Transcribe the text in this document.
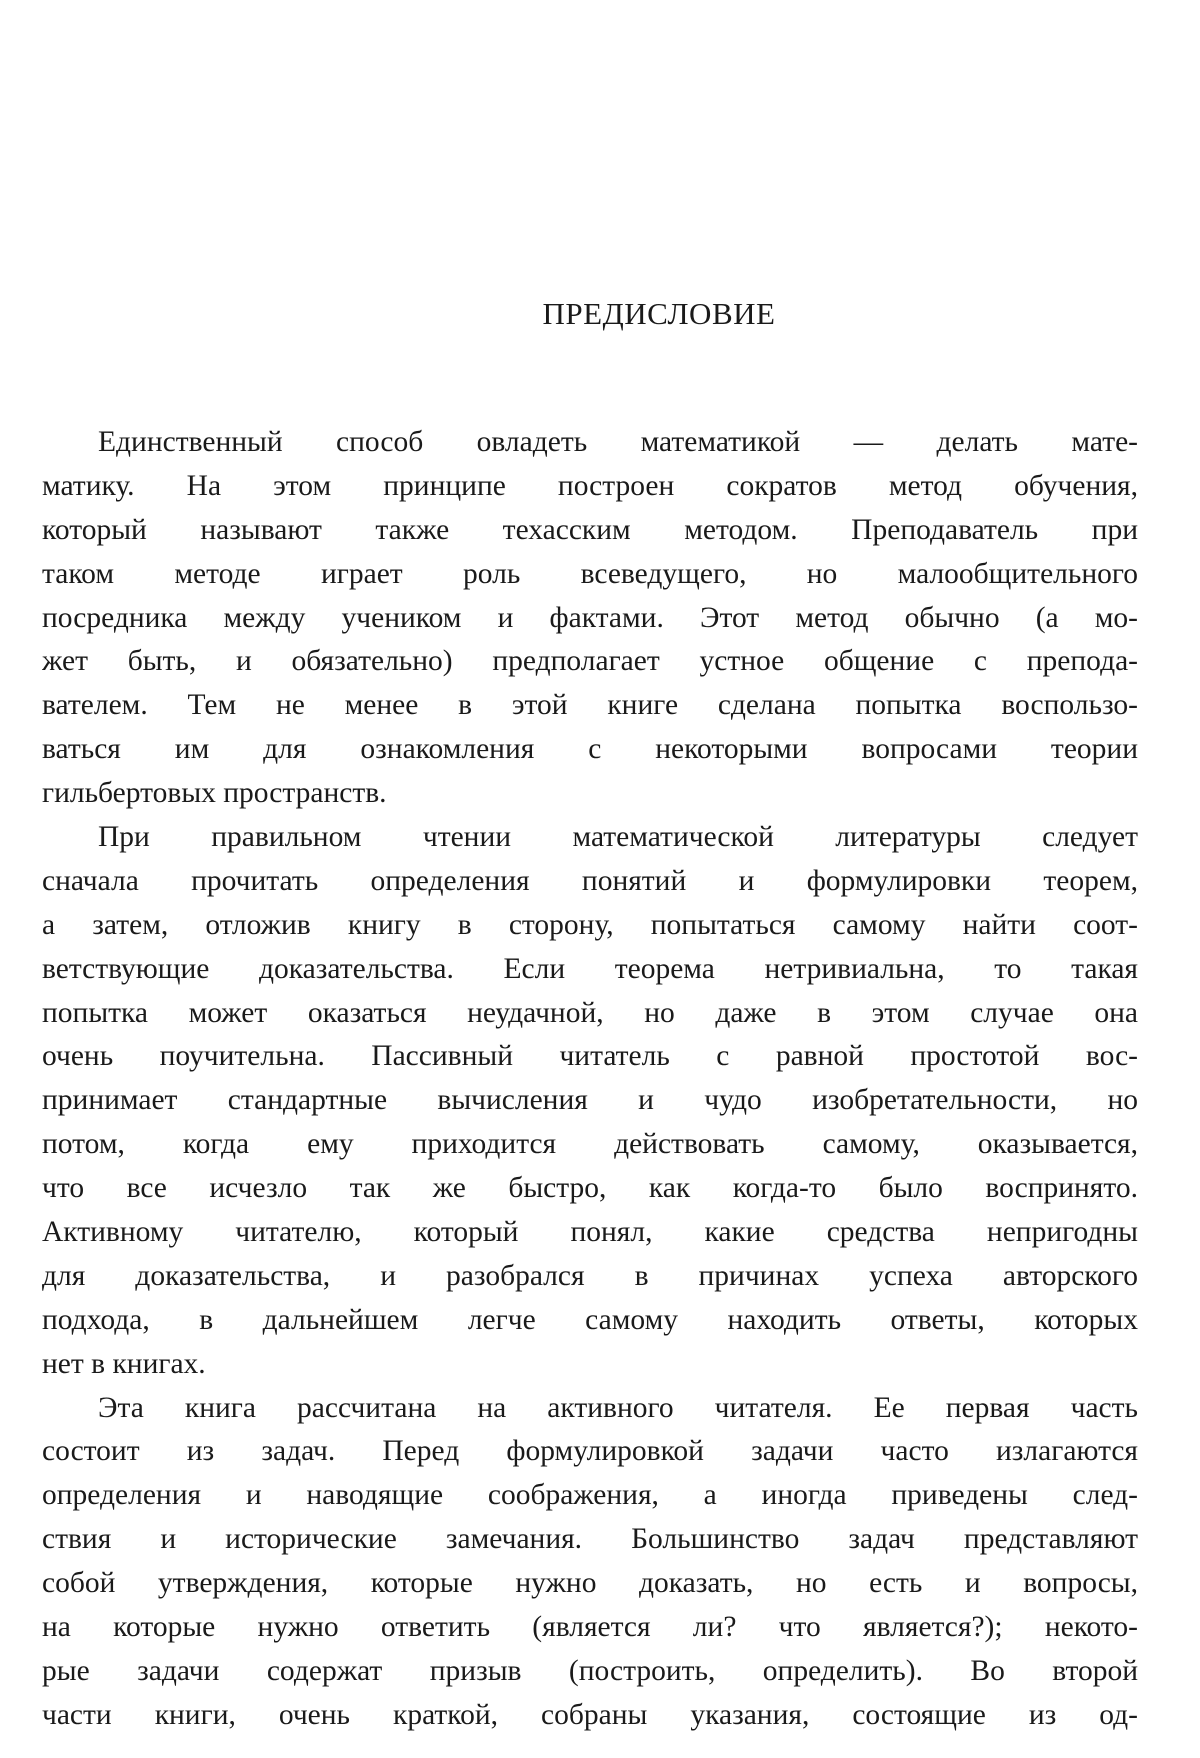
ПРЕДИСЛОВИЕ
Единственный способ овладеть математикой — делать мате-
матику. На этом принципе построен сократов метод обучения,
который называют также техасским методом. Преподаватель при
таком методе играет роль всеведущего, но малообщительного
посредника между учеником и фактами. Этот метод обычно (а мо-
жет быть, и обязательно) предполагает устное общение с препода-
вателем. Тем не менее в этой книге сделана попытка воспользо-
ваться им для ознакомления с некоторыми вопросами теории
гильбертовых пространств.
При правильном чтении математической литературы следует
сначала прочитать определения понятий и формулировки теорем,
а затем, отложив книгу в сторону, попытаться самому найти соот-
ветствующие доказательства. Если теорема нетривиальна, то такая
попытка может оказаться неудачной, но даже в этом случае она
очень поучительна. Пассивный читатель с равной простотой вос-
принимает стандартные вычисления и чудо изобретательности, но
потом, когда ему приходится действовать самому, оказывается,
что все исчезло так же быстро, как когда-то было воспринято.
Активному читателю, который понял, какие средства непригодны
для доказательства, и разобрался в причинах успеха авторского
подхода, в дальнейшем легче самому находить ответы, которых
нет в книгах.
Эта книга рассчитана на активного читателя. Ее первая часть
состоит из задач. Перед формулировкой задачи часто излагаются
определения и наводящие соображения, а иногда приведены след-
ствия и исторические замечания. Большинство задач представляют
собой утверждения, которые нужно доказать, но есть и вопросы,
на которые нужно ответить (является ли? что является?); некото-
рые задачи содержат призыв (построить, определить). Во второй
части книги, очень краткой, собраны указания, состоящие из од-
